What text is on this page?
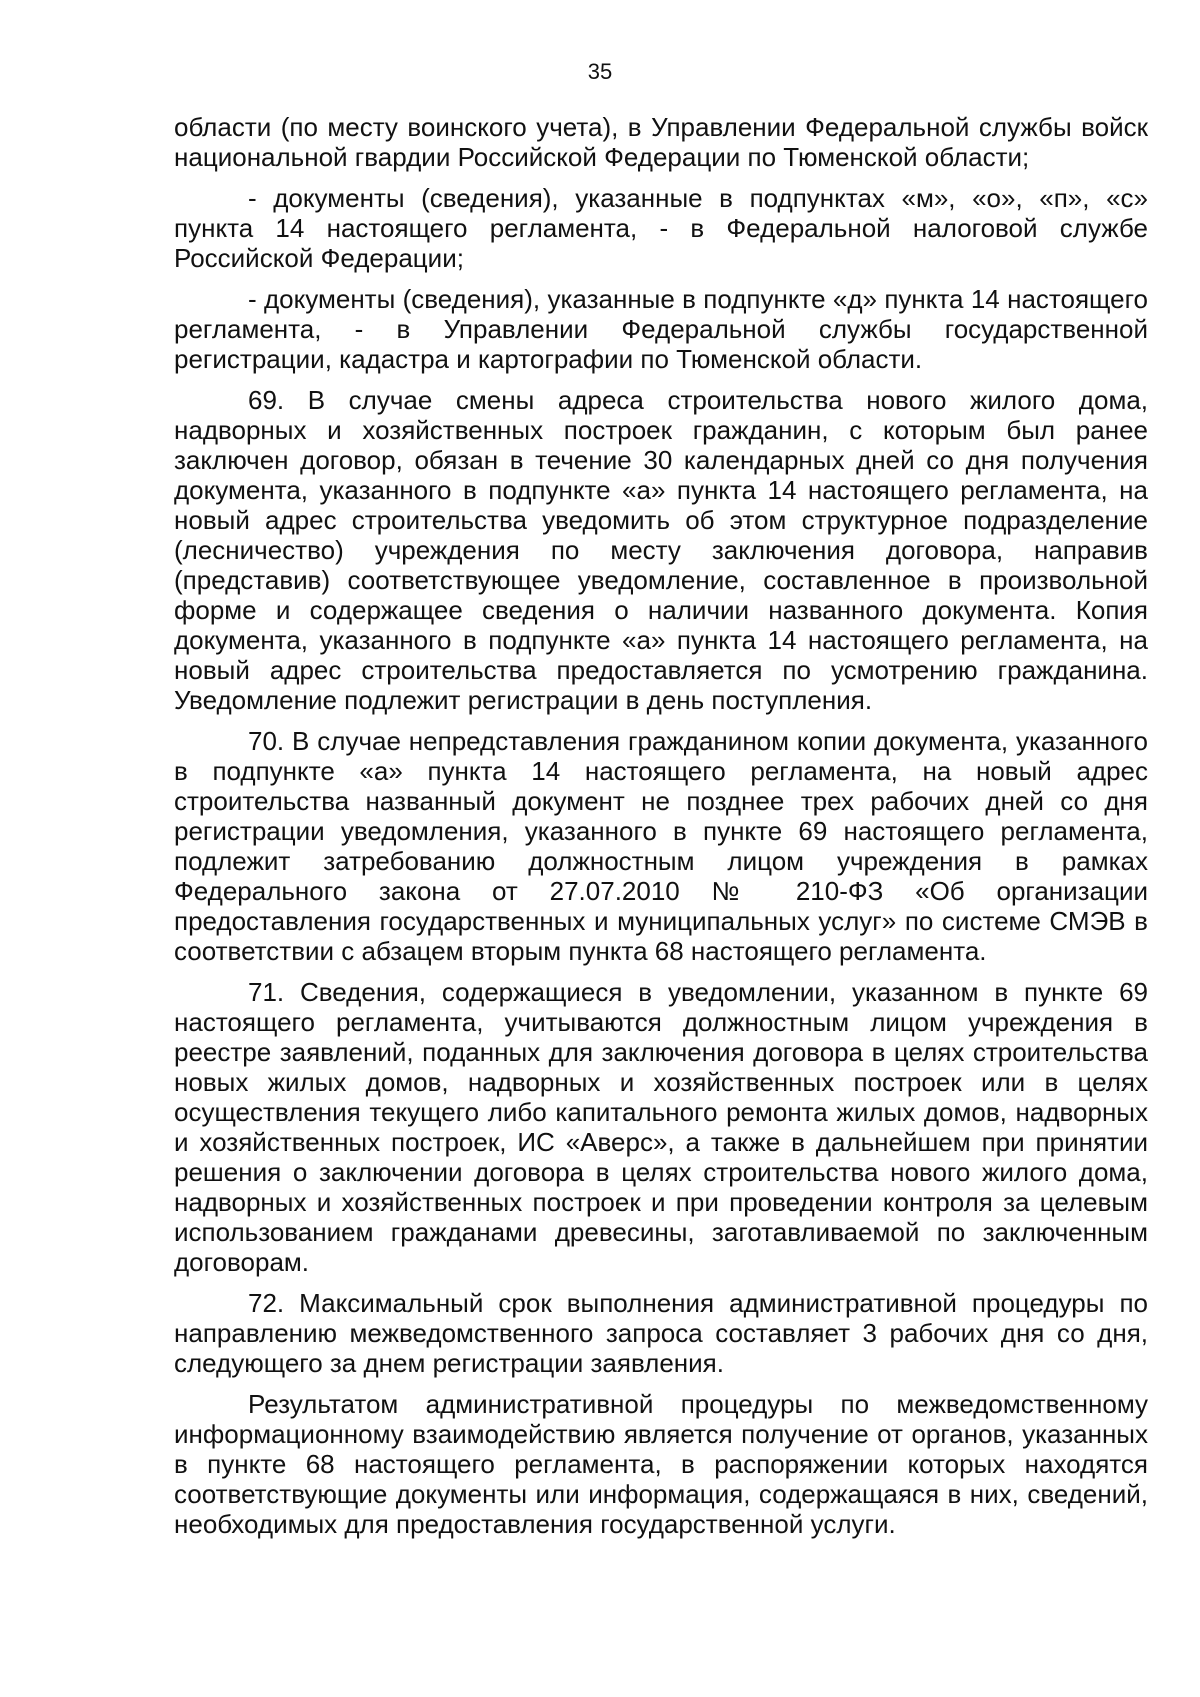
35

области (по месту воинского учета), в Управлении Федеральной службы войск национальной гвардии Российской Федерации по Тюменской области;

- документы (сведения), указанные в подпунктах «м», «о», «п», «с» пункта 14 настоящего регламента, - в Федеральной налоговой службе Российской Федерации;

- документы (сведения), указанные в подпункте «д» пункта 14 настоящего регламента, - в Управлении Федеральной службы государственной регистрации, кадастра и картографии по Тюменской области.

69. В случае смены адреса строительства нового жилого дома, надворных и хозяйственных построек гражданин, с которым был ранее заключен договор, обязан в течение 30 календарных дней со дня получения документа, указанного в подпункте «а» пункта 14 настоящего регламента, на новый адрес строительства уведомить об этом структурное подразделение (лесничество) учреждения по месту заключения договора, направив (представив) соответствующее уведомление, составленное в произвольной форме и содержащее сведения о наличии названного документа. Копия документа, указанного в подпункте «а» пункта 14 настоящего регламента, на новый адрес строительства предоставляется по усмотрению гражданина. Уведомление подлежит регистрации в день поступления.

70. В случае непредставления гражданином копии документа, указанного в подпункте «а» пункта 14 настоящего регламента, на новый адрес строительства названный документ не позднее трех рабочих дней со дня регистрации уведомления, указанного в пункте 69 настоящего регламента, подлежит затребованию должностным лицом учреждения в рамках Федерального закона от 27.07.2010 № 210-ФЗ «Об организации предоставления государственных и муниципальных услуг» по системе СМЭВ в соответствии с абзацем вторым пункта 68 настоящего регламента.

71. Сведения, содержащиеся в уведомлении, указанном в пункте 69 настоящего регламента, учитываются должностным лицом учреждения в реестре заявлений, поданных для заключения договора в целях строительства новых жилых домов, надворных и хозяйственных построек или в целях осуществления текущего либо капитального ремонта жилых домов, надворных и хозяйственных построек, ИС «Аверс», а также в дальнейшем при принятии решения о заключении договора в целях строительства нового жилого дома, надворных и хозяйственных построек и при проведении контроля за целевым использованием гражданами древесины, заготавливаемой по заключенным договорам.

72. Максимальный срок выполнения административной процедуры по направлению межведомственного запроса составляет 3 рабочих дня со дня, следующего за днем регистрации заявления.

Результатом административной процедуры по межведомственному информационному взаимодействию является получение от органов, указанных в пункте 68 настоящего регламента, в распоряжении которых находятся соответствующие документы или информация, содержащаяся в них, сведений, необходимых для предоставления государственной услуги.
